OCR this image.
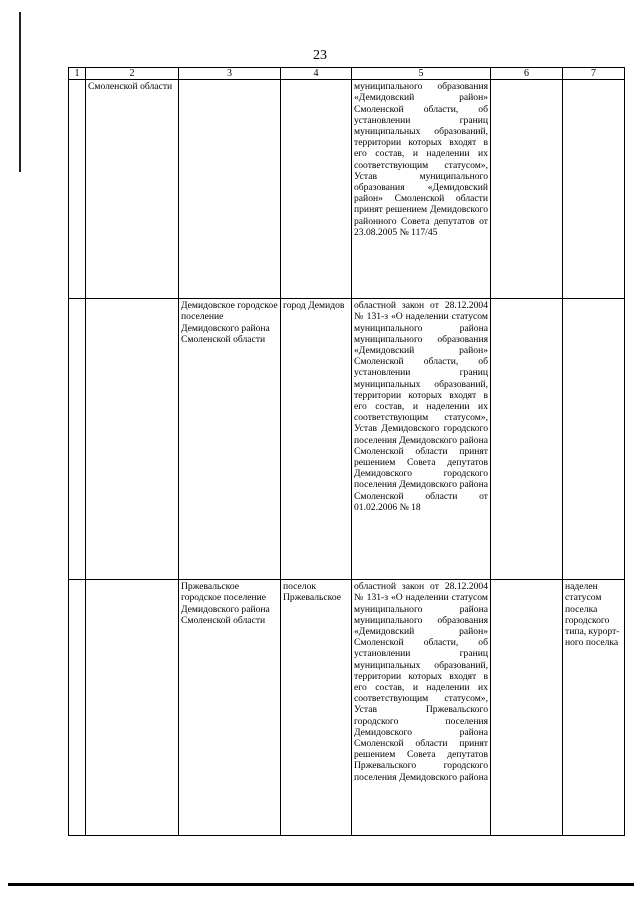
23
1	2	3	4	5	6	7
	Смоленской области			муниципального образования «Демидовский район» Смоленской области, об установлении границ муниципальных образований, территории которых входят в его состав, и наделении их соответствующим статусом», Устав муниципального образования «Демидовский район» Смоленской области принят решением Демидовского районного Совета депутатов от 23.08.2005 № 117/45		
		Демидовское городское поселение Демидовского района Смоленской области	город Демидов	областной закон от 28.12.2004 № 131-з «О наделении статусом муниципального района муниципального образования «Демидовский район» Смоленской области, об установлении границ муниципальных образований, территории которых входят в его состав, и наделении их соответствующим статусом», Устав Демидовского городского поселения Демидовского района Смоленской области принят решением Совета депутатов Демидовского городского поселения Демидовского района Смоленской области от 01.02.2006 № 18		
		Пржевальское городское поселение Демидовского района Смоленской области	поселок Пржевальское	областной закон от 28.12.2004 № 131-з «О наделении статусом муниципального района муниципального образования «Демидовский район» Смоленской области, об установлении границ муниципальных образований, территории которых входят в его состав, и наделении их соответствующим статусом», Устав Пржевальского городского поселения Демидовского района Смоленской области принят решением Совета депутатов Пржевальского городского поселения Демидовского района		наделен статусом поселка городского типа, курорт-ного поселка
